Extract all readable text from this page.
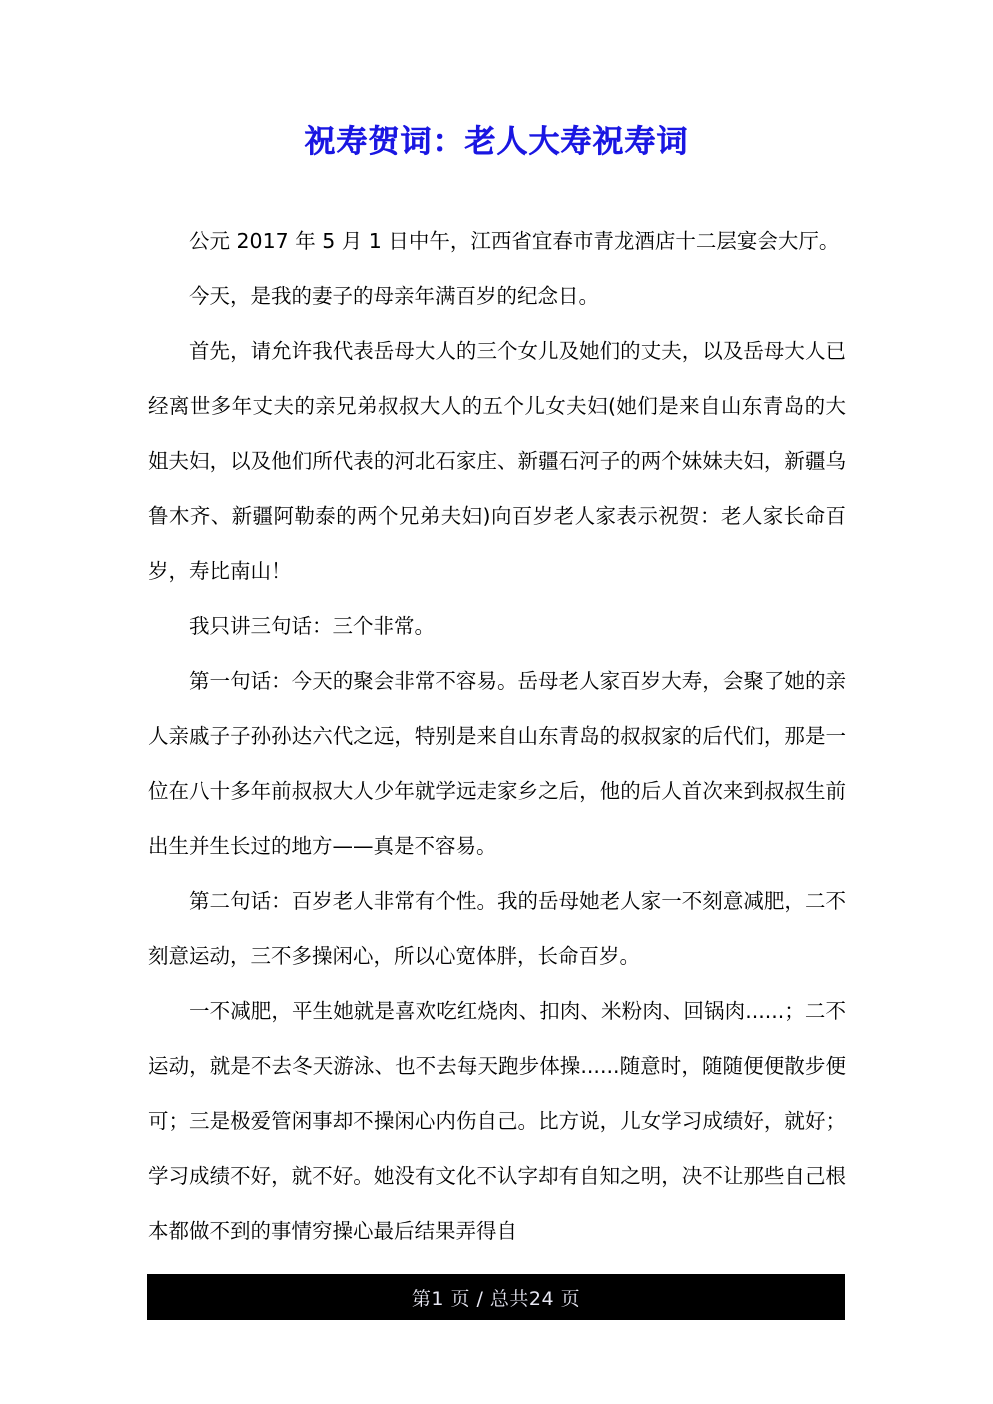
祝寿贺词：老人大寿祝寿词

公元 2017 年 5 月 1 日中午，江西省宜春市青龙酒店十二层宴会大厅。

今天，是我的妻子的母亲年满百岁的纪念日。

首先，请允许我代表岳母大人的三个女儿及她们的丈夫，以及岳母大人已经离世多年丈夫的亲兄弟叔叔大人的五个儿女夫妇(她们是来自山东青岛的大姐夫妇，以及他们所代表的河北石家庄、新疆石河子的两个妹妹夫妇，新疆乌鲁木齐、新疆阿勒泰的两个兄弟夫妇)向百岁老人家表示祝贺：老人家长命百岁，寿比南山！

我只讲三句话：三个非常。

第一句话：今天的聚会非常不容易。岳母老人家百岁大寿，会聚了她的亲人亲戚子子孙孙达六代之远，特别是来自山东青岛的叔叔家的后代们，那是一位在八十多年前叔叔大人少年就学远走家乡之后，他的后人首次来到叔叔生前出生并生长过的地方——真是不容易。

第二句话：百岁老人非常有个性。我的岳母她老人家一不刻意减肥，二不刻意运动，三不多操闲心，所以心宽体胖，长命百岁。

一不减肥，平生她就是喜欢吃红烧肉、扣肉、米粉肉、回锅肉......；二不运动，就是不去冬天游泳、也不去每天跑步体操......随意时，随随便便散步便可；三是极爱管闲事却不操闲心内伤自己。比方说，儿女学习成绩好，就好；学习成绩不好，就不好。她没有文化不认字却有自知之明，决不让那些自己根本都做不到的事情穷操心最后结果弄得自

第1 页 / 总共24 页
